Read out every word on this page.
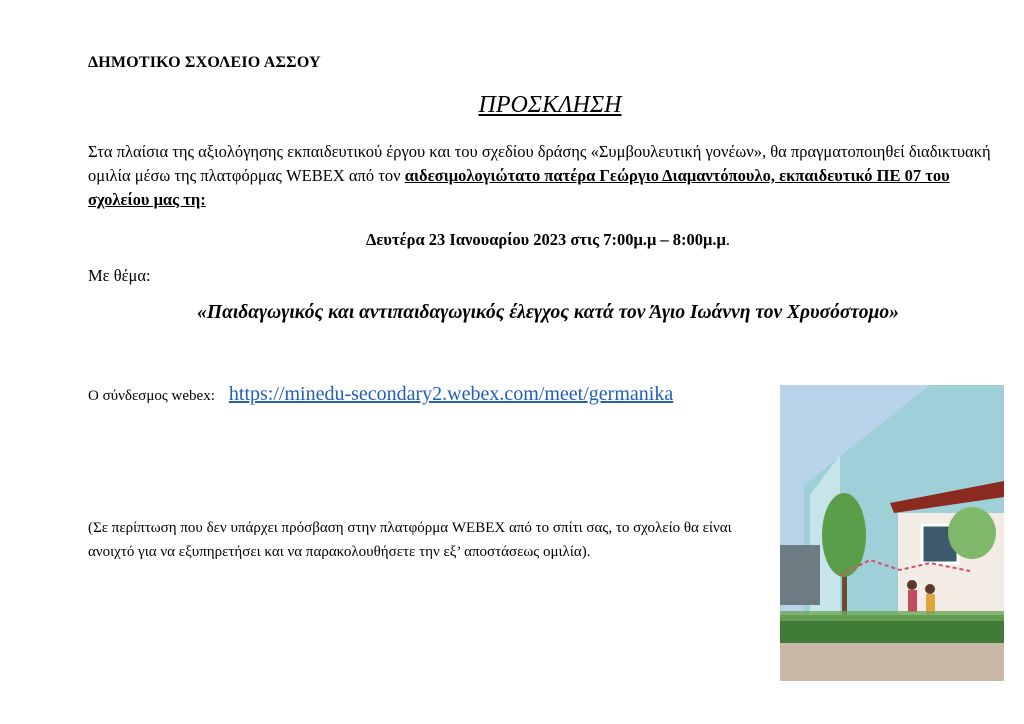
ΔΗΜΟΤΙΚΟ ΣΧΟΛΕΙΟ ΑΣΣΟΥ

ΠΡΟΣΚΛΗΣΗ

Στα πλαίσια της αξιολόγησης εκπαιδευτικού έργου και του σχεδίου δράσης «Συμβουλευτική γονέων», θα πραγματοποιηθεί διαδικτυακή ομιλία μέσω της πλατφόρμας WEBEX από τον αιδεσιμολογιώτατο πατέρα Γεώργιο Διαμαντόπουλο, εκπαιδευτικό ΠΕ 07 του σχολείου μας τη:

Δευτέρα 23 Ιανουαρίου 2023 στις 7:00μ.μ – 8:00μ.μ.

Με θέμα:

«Παιδαγωγικός και αντιπαιδαγωγικός έλεγχος κατά τον Άγιο Ιωάννη τον Χρυσόστομο»

Ο σύνδεσμος webex: https://minedu-secondary2.webex.com/meet/germanika

(Σε περίπτωση που δεν υπάρχει πρόσβαση στην πλατφόρμα WEBEX από το σπίτι σας, το σχολείο θα είναι ανοιχτό για να εξυπηρετήσει και να παρακολουθήσετε την εξ’ αποστάσεως ομιλία).
